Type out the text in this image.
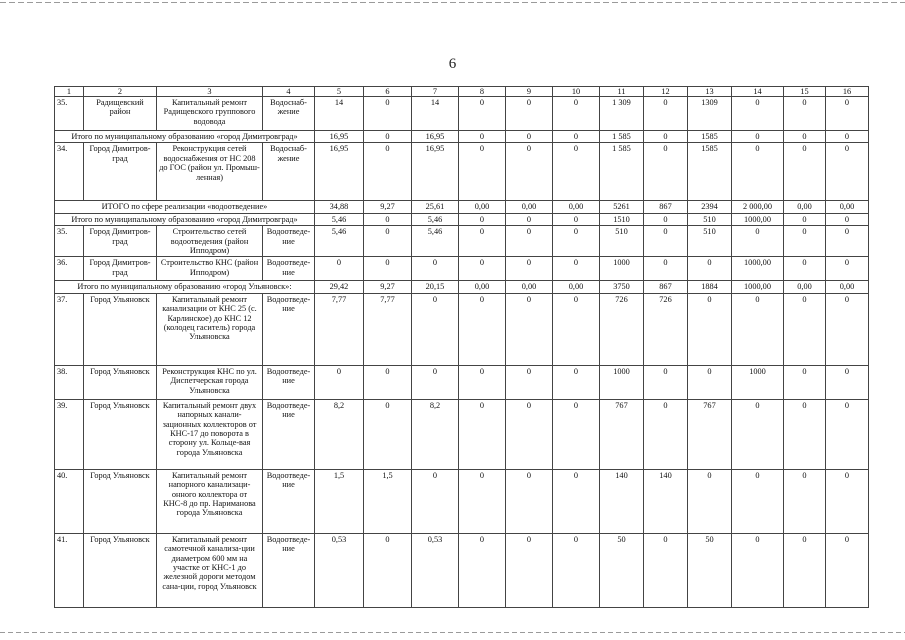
6
1	2	3	4	5	6	7	8	9	10	11	12	13	14	15	16
35.	Радищевский район	Капитальный ремонт Радищевского группового водовода	Водоснаб-жение	14	0	14	0	0	0	1 309	0	1309	0	0	0
Итого по муниципальному образованию «город Димитровград»				16,95	0	16,95	0	0	0	1 585	0	1585	0	0	0
34.	Город Димитров-град	Реконструкция сетей водоснабжения от НС 208 до ГОС (район ул. Промыш-ленная)	Водоснаб-жение	16,95	0	16,95	0	0	0	1 585	0	1585	0	0	0
ИТОГО по сфере реализации «водоотведение»				34,88	9,27	25,61	0,00	0,00	0,00	5261	867	2394	2 000,00	0,00	0,00
Итого по муниципальному образованию «город Димитровград»				5,46	0	5,46	0	0	0	1510	0	510	1000,00	0	0
35.	Город Димитров-град	Строительство сетей водоотведения (район Ипподром)	Водоотведе-ние	5,46	0	5,46	0	0	0	510	0	510	0	0	0
36.	Город Димитров-град	Строительство КНС (район Ипподром)	Водоотведе-ние	0	0	0	0	0	0	1000	0	0	1000,00	0	0
Итого по муниципальному образованию «город Ульяновск»:				29,42	9,27	20,15	0,00	0,00	0,00	3750	867	1884	1000,00	0,00	0,00
37.	Город Ульяновск	Капитальный ремонт канализации от КНС 25 (с. Карлинское) до КНС 12 (колодец гаситель) города Ульяновска	Водоотведе-ние	7,77	7,77	0	0	0	0	726	726	0	0	0	0
38.	Город Ульяновск	Реконструкция КНС по ул. Диспетчерская города Ульяновска	Водоотведе-ние	0	0	0	0	0	0	1000	0	0	1000	0	0
39.	Город Ульяновск	Капитальный ремонт двух напорных канали-зационных коллекторов от КНС-17 до поворота в сторону ул. Кольце-вая города Ульяновска	Водоотведе-ние	8,2	0	8,2	0	0	0	767	0	767	0	0	0
40.	Город Ульяновск	Капитальный ремонт напорного канализаци-онного коллектора от КНС-8 до пр. Нариманова города Ульяновска	Водоотведе-ние	1,5	1,5	0	0	0	0	140	140	0	0	0	0
41.	Город Ульяновск	Капитальный ремонт самотечной канализа-ции диаметром 600 мм на участке от КНС-1 до железной дороги методом сана-ции, город Ульяновск	Водоотведе-ние	0,53	0	0,53	0	0	0	50	0	50	0	0	0
